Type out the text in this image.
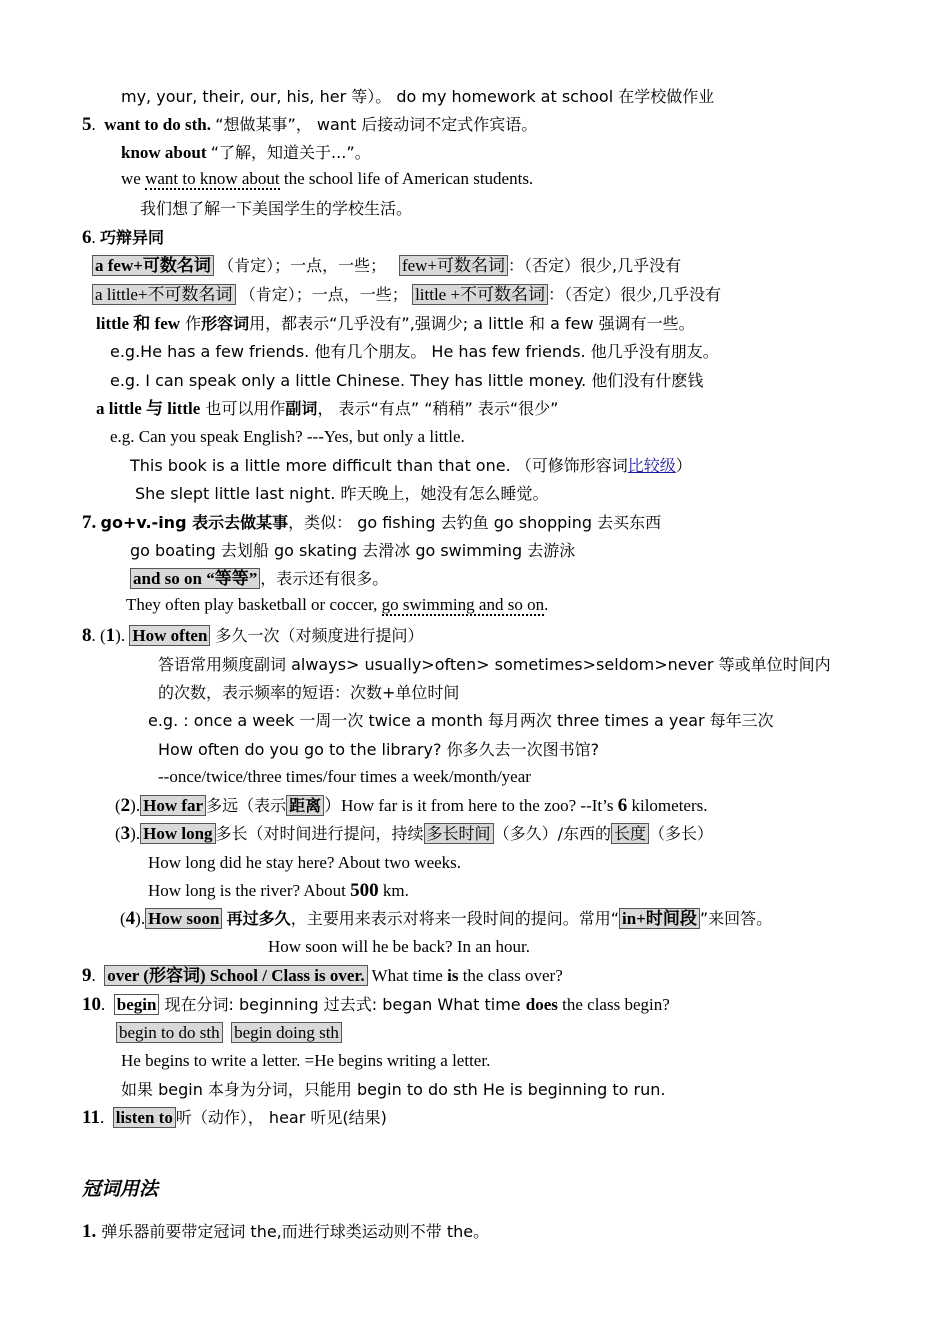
my, your, their, our, his, her 等）。 do my homework at school 在学校做作业
5.  want to do sth. “想做某事”， want 后接动词不定式作宾语。
know about “了解，知道关于...”。
we want to know about the school life of American students.
我们想了解一下美国学生的学校生活。
6. 巧辩异同
a few+可数名词 （肯定）；一点，一些； few+可数名词 ：（否定）很少,几乎没有
a little+不可数名词 （肯定）；一点，一些； little +不可数名词 ：（否定）很少,几乎没有
little 和 few 作形容词用，都表示“几乎没有”,强调少; a little 和 a few 强调有一些。
e.g.He has a few friends. 他有几个朋友。 He has few friends. 他几乎没有朋友。
e.g. I can speak only a little Chinese. They has little money. 他们没有什麽钱
a little 与 little 也可以用作副词， 表示“有点” “稍稍” 表示“很少”
e.g. Can you speak English? ---Yes, but only a little.
This book is a little more difficult than that one. （可修饰形容词比较级）
She slept little last night. 昨天晚上，她没有怎么睡觉。
7. go+v.-ing 表示去做某事，类似： go fishing 去钓鱼 go shopping 去买东西
go boating 去划船 go skating 去滑冰 go swimming 去游泳
and so on “等等” ，表示还有很多。
They often play basketball or coccer, go swimming and so on.
8. (1). How often 多久一次（对频度进行提问）
答语常用频度副词 always> usually>often> sometimes>seldom>never 等或单位时间内
的次数，表示频率的短语：次数+单位时间
e.g. : once a week 一周一次 twice a month 每月两次 three times a year 每年三次
How often do you go to the library? 你多久去一次图书馆?
--once/twice/three times/four times a week/month/year
(2). How far 多远（表示 距离 ）How far is it from here to the zoo? --It’s 6 kilometers.
(3). How long 多长（对时间进行提问，持续 多长时间 （多久）/东西的 长度 （多长）
How long did he stay here? About two weeks.
How long is the river? About 500 km.
(4). How soon 再过多久，主要用来表示对将来一段时间的提问。常用“ in+时间段 ”来回答。
How soon will he be back? In an hour.
9.  over (形容词) School / Class is over. What time is the class over?
10.  begin 现在分词: beginning 过去式: began What time does the class begin?
begin to do sth begin doing sth
He begins to write a letter. =He begins writing a letter.
如果 begin 本身为分词，只能用 begin to do sth He is beginning to run.
11.  listen to 听（动作）， hear 听见(结果)
冠词用法
1. 弹乐器前要带定冠词 the,而进行球类运动则不带 the。
